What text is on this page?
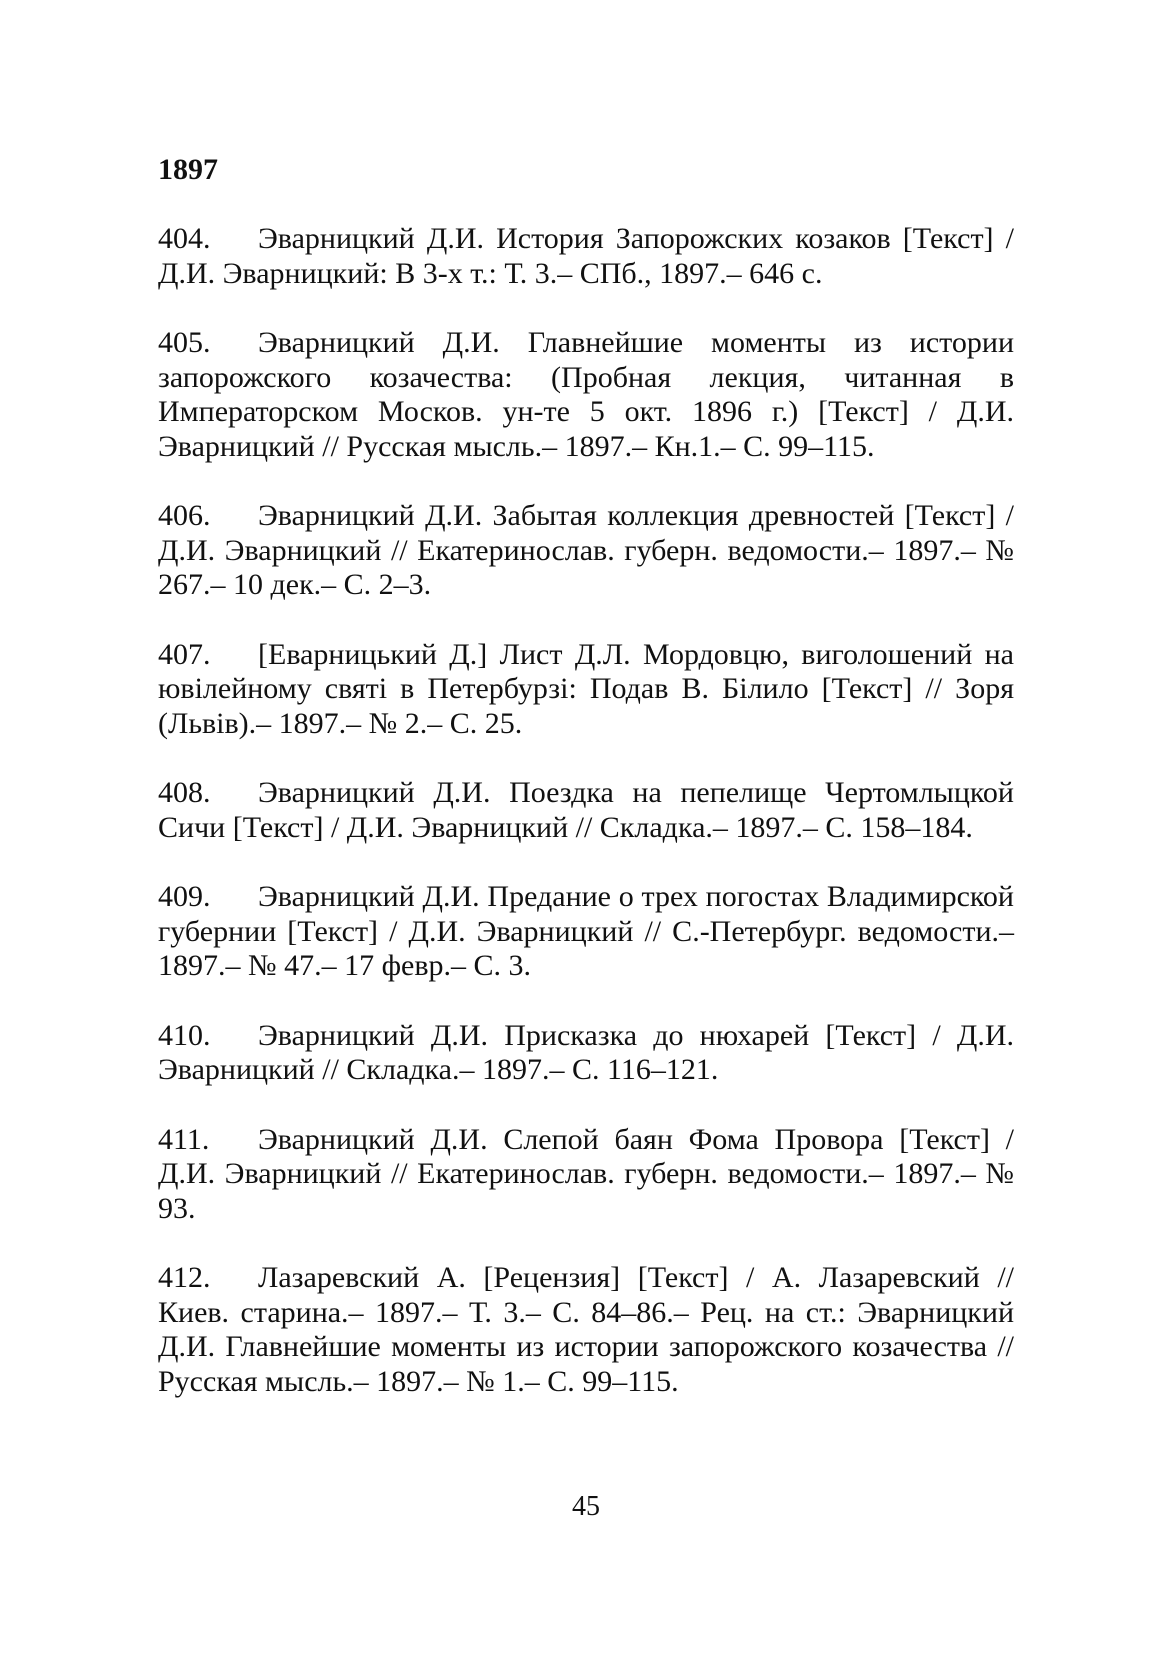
1897

404. Эварницкий Д.И. История Запорожских козаков [Текст] / Д.И. Эварницкий: В 3-х т.: Т. 3.– СПб., 1897.– 646 с.

405. Эварницкий Д.И. Главнейшие моменты из истории запорожского козачества: (Пробная лекция, читанная в Императорском Москов. ун-те 5 окт. 1896 г.) [Текст] / Д.И. Эварницкий // Русская мысль.– 1897.– Кн.1.– С. 99–115.

406. Эварницкий Д.И. Забытая коллекция древностей [Текст] / Д.И. Эварницкий // Екатеринослав. губерн. ведомости.– 1897.– № 267.– 10 дек.– С. 2–3.

407. [Еварницький Д.] Лист Д.Л. Мордовцю, виголошений на ювілейному святі в Петербурзі: Подав В. Білило [Текст] // Зоря (Львів).– 1897.– № 2.– С. 25.

408. Эварницкий Д.И. Поездка на пепелище Чертомлыцкой Сичи [Текст] / Д.И. Эварницкий // Складка.– 1897.– С. 158–184.

409. Эварницкий Д.И. Предание о трех погостах Владимирской губернии [Текст] / Д.И. Эварницкий // С.-Петербург. ведомости.– 1897.– № 47.– 17 февр.– С. 3.

410. Эварницкий Д.И. Присказка до нюхарей [Текст] / Д.И. Эварницкий // Складка.– 1897.– С. 116–121.

411. Эварницкий Д.И. Слепой баян Фома Провора [Текст] / Д.И. Эварницкий // Екатеринослав. губерн. ведомости.– 1897.– № 93.

412. Лазаревский А. [Рецензия] [Текст] / А. Лазаревский // Киев. старина.– 1897.– Т. 3.– С. 84–86.– Рец. на ст.: Эварницкий Д.И. Главнейшие моменты из истории запорожского козачества // Русская мысль.– 1897.– № 1.– С. 99–115.

45
